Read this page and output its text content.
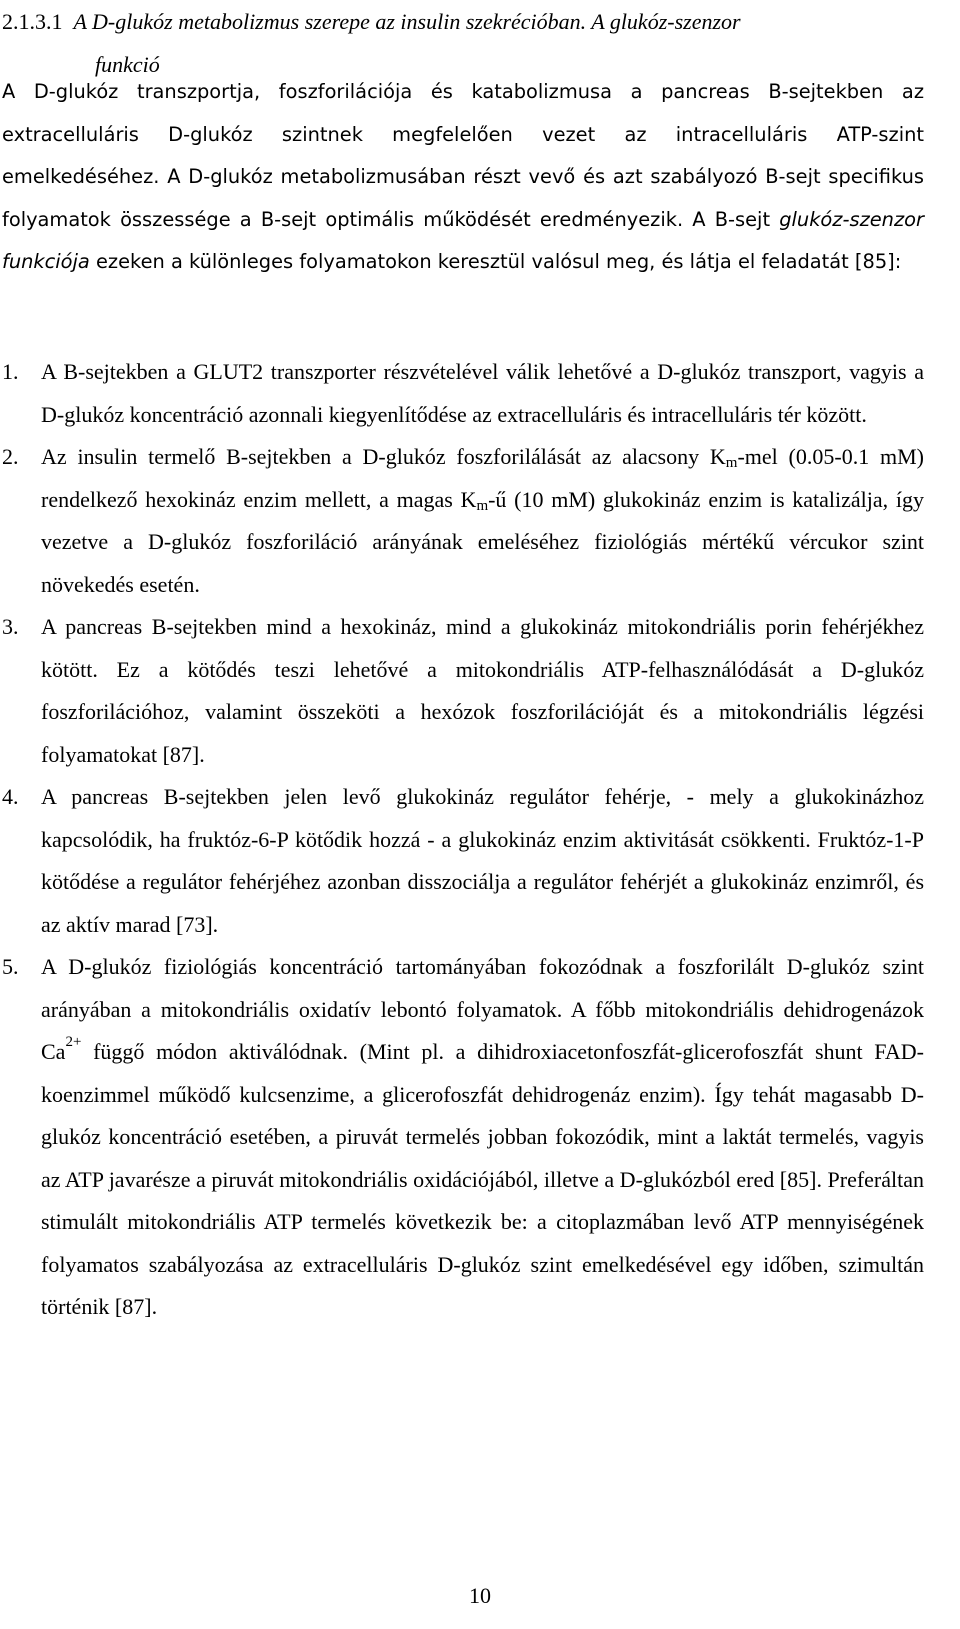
2.1.3.1 A D-glukóz metabolizmus szerepe az insulin szekrécióban. A glukóz-szenzor
funkció

A D-glukóz transzportja, foszforilációja és katabolizmusa a pancreas B-sejtekben az extracelluláris D-glukóz szintnek megfelelően vezet az intracelluláris ATP-szint emelkedéséhez. A D-glukóz metabolizmusában részt vevő és azt szabályozó B-sejt specifikus folyamatok összessége a B-sejt optimális működését eredményezik. A B-sejt glukóz-szenzor funkciója ezeken a különleges folyamatokon keresztül valósul meg, és látja el feladatát [85]:

1. A B-sejtekben a GLUT2 transzporter részvételével válik lehetővé a D-glukóz transzport, vagyis a D-glukóz koncentráció azonnali kiegyenlítődése az extracelluláris és intracelluláris tér között.
2. Az insulin termelő B-sejtekben a D-glukóz foszforilálását az alacsony $K_m$-mel (0.05-0.1 mM) rendelkező hexokináz enzim mellett, a magas $K_m-ű$ (10 mM) glukokináz enzim is katalizálja, így vezetve a D-glukóz foszforiláció arányának emeléséhez fiziológiás mértékű vércukor szint növekedés esetén.
3. A pancreas B-sejtekben mind a hexokináz, mind a glukokináz mitokondriális porin fehérjékhez kötött. Ez a kötődés teszi lehetővé a mitokondriális ATP-felhasználódását a D-glukóz foszforilációhoz, valamint összeköti a hexózok foszforilációját és a mitokondriális légzési folyamatokat [87].
4. A pancreas B-sejtekben jelen levő glukokináz regulátor fehérje, - mely a glukokinázhoz kapcsolódik, ha fruktóz-6-P kötődik hozzá - a glukokináz enzim aktivitását csökkenti. Fruktóz-1-P kötődése a regulátor fehérjéhez azonban disszociálja a regulátor fehérjét a glukokináz enzimről, és az aktív marad [73].
5. A D-glukóz fiziológiás koncentráció tartományában fokozódnak a foszforilált D-glukóz szint arányában a mitokondriális oxidatív lebontó folyamatok. A főbb mitokondriális dehidrogenázok $Ca^{2+}$ függő módon aktiválódnak. (Mint pl. a dihidroxiacetonfoszfát-glicerofoszfát shunt FAD-koenzimmel működő kulcsenzime, a glicerofoszfát dehidrogenáz enzim). Így tehát magasabb D-glukóz koncentráció esetében, a piruvát termelés jobban fokozódik, mint a laktát termelés, vagyis az ATP javarésze a piruvát mitokondriális oxidációjából, illetve a D-glukózból ered [85]. Preferáltan stimulált mitokondriális ATP termelés következik be: a citoplazmában levő ATP mennyiségének folyamatos szabályozása az extracelluláris D-glukóz szint emelkedésével egy időben, szimultán történik [87].
10
